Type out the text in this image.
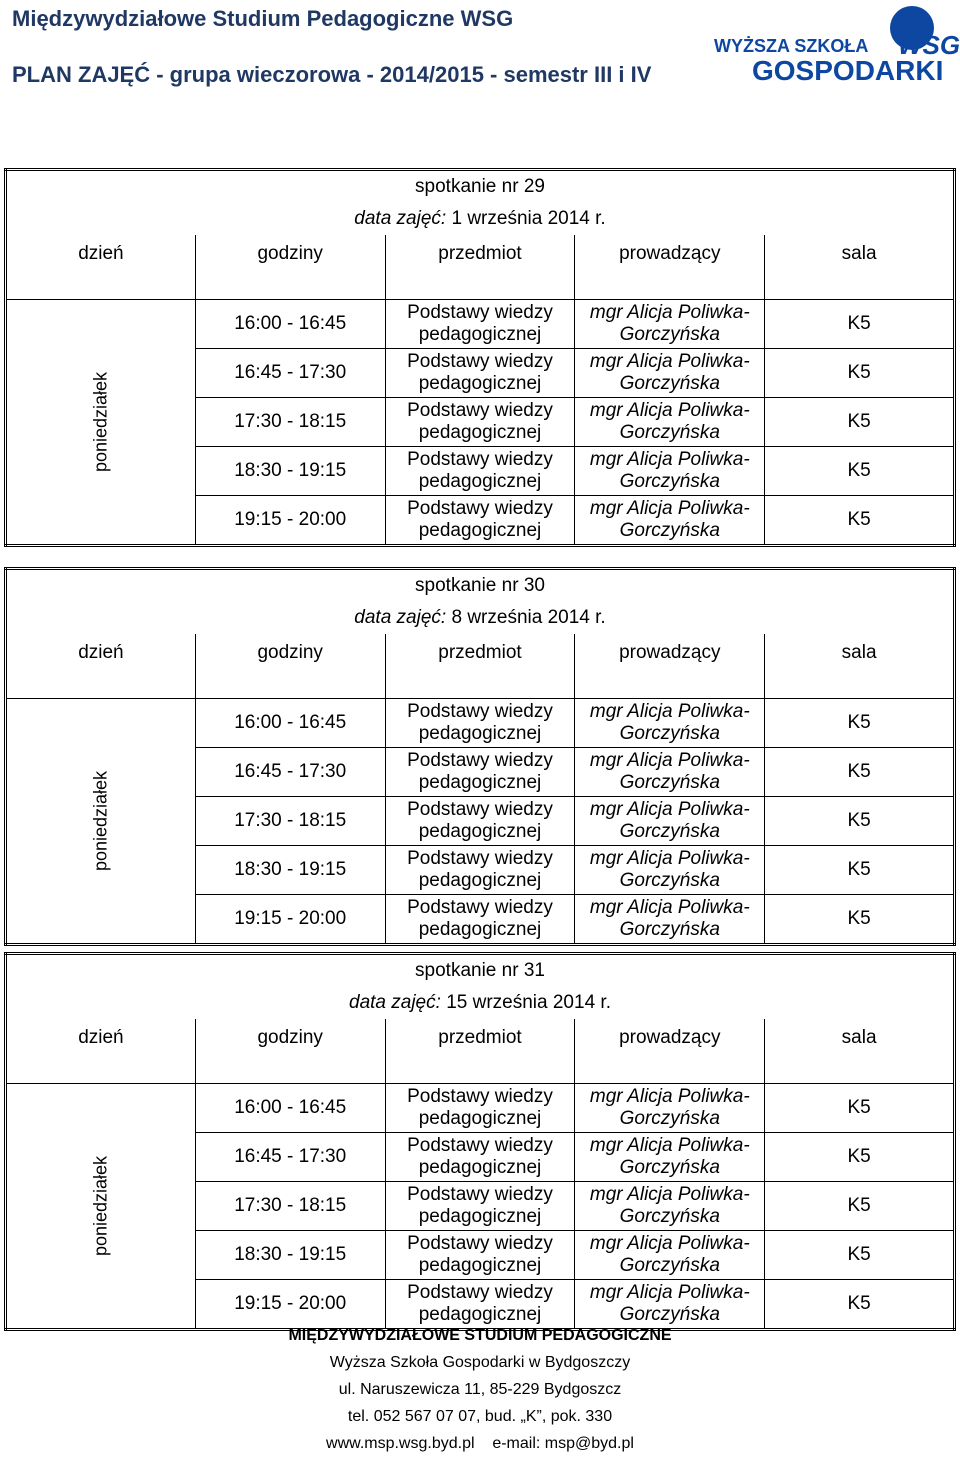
Międzywydziałowe Studium Pedagogiczne WSG
PLAN ZAJĘĆ - grupa wieczorowa - 2014/2015 - semestr III i IV
WYŻSZA SZKOŁA
GOSPODARKI
WSG
spotkanie nr 29				
data zajęć: 1 września 2014 r.				
dzień	godziny	przedmiot	prowadzący	sala

poniedziałek	16:00 - 16:45	Podstawy wiedzy pedagogicznej	mgr Alicja Poliwka-Gorczyńska	K5
	16:45 - 17:30	Podstawy wiedzy pedagogicznej	mgr Alicja Poliwka-Gorczyńska	K5
	17:30 - 18:15	Podstawy wiedzy pedagogicznej	mgr Alicja Poliwka-Gorczyńska	K5
	18:30 - 19:15	Podstawy wiedzy pedagogicznej	mgr Alicja Poliwka-Gorczyńska	K5
	19:15 - 20:00	Podstawy wiedzy pedagogicznej	mgr Alicja Poliwka-Gorczyńska	K5
spotkanie nr 30				
data zajęć: 8 września 2014 r.				
dzień	godziny	przedmiot	prowadzący	sala

poniedziałek	16:00 - 16:45	Podstawy wiedzy pedagogicznej	mgr Alicja Poliwka-Gorczyńska	K5
	16:45 - 17:30	Podstawy wiedzy pedagogicznej	mgr Alicja Poliwka-Gorczyńska	K5
	17:30 - 18:15	Podstawy wiedzy pedagogicznej	mgr Alicja Poliwka-Gorczyńska	K5
	18:30 - 19:15	Podstawy wiedzy pedagogicznej	mgr Alicja Poliwka-Gorczyńska	K5
	19:15 - 20:00	Podstawy wiedzy pedagogicznej	mgr Alicja Poliwka-Gorczyńska	K5
spotkanie nr 31				
data zajęć: 15 września 2014 r.				
dzień	godziny	przedmiot	prowadzący	sala

poniedziałek	16:00 - 16:45	Podstawy wiedzy pedagogicznej	mgr Alicja Poliwka-Gorczyńska	K5
	16:45 - 17:30	Podstawy wiedzy pedagogicznej	mgr Alicja Poliwka-Gorczyńska	K5
	17:30 - 18:15	Podstawy wiedzy pedagogicznej	mgr Alicja Poliwka-Gorczyńska	K5
	18:30 - 19:15	Podstawy wiedzy pedagogicznej	mgr Alicja Poliwka-Gorczyńska	K5
	19:15 - 20:00	Podstawy wiedzy pedagogicznej	mgr Alicja Poliwka-Gorczyńska	K5
MIĘDZYWYDZIAŁOWE STUDIUM PEDAGOGICZNE
Wyższa Szkoła Gospodarki w Bydgoszczy
ul. Naruszewicza 11, 85-229 Bydgoszcz
tel. 052 567 07 07, bud. „K”, pok. 330
www.msp.wsg.byd.pl e-mail: msp@byd.pl
